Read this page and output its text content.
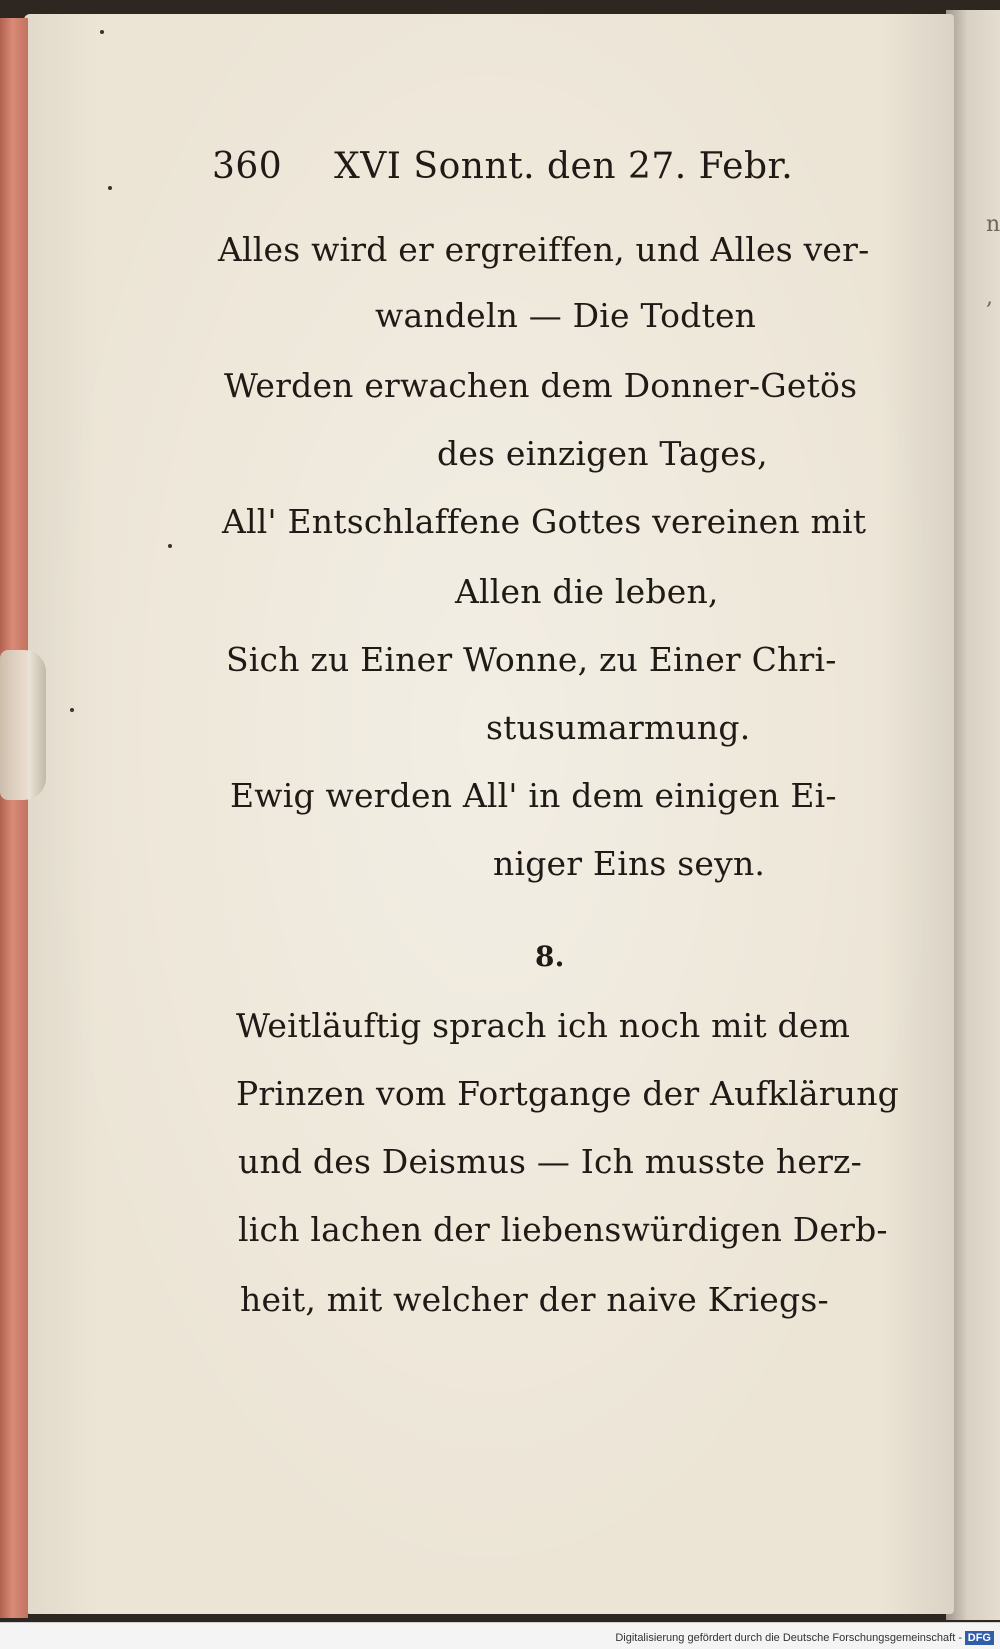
n
,
360 XVI Sonnt. den 27. Febr.
Alles wird er ergreiffen, und Alles ver-
wandeln — Die Todten
Werden erwachen dem Donner-Getös
des einzigen Tages,
All' Entschlaffene Gottes vereinen mit
Allen die leben,
Sich zu Einer Wonne, zu Einer Chri-
stusumarmung.
Ewig werden All' in dem einigen Ei-
niger Eins seyn.
8.
Weitläuftig sprach ich noch mit dem
Prinzen vom Fortgange der Aufklärung
und des Deismus — Ich musste herz-
lich lachen der liebenswürdigen Derb-
heit, mit welcher der naive Kriegs-
Digitalisierung gefördert durch die Deutsche Forschungsgemeinschaft - DFG
